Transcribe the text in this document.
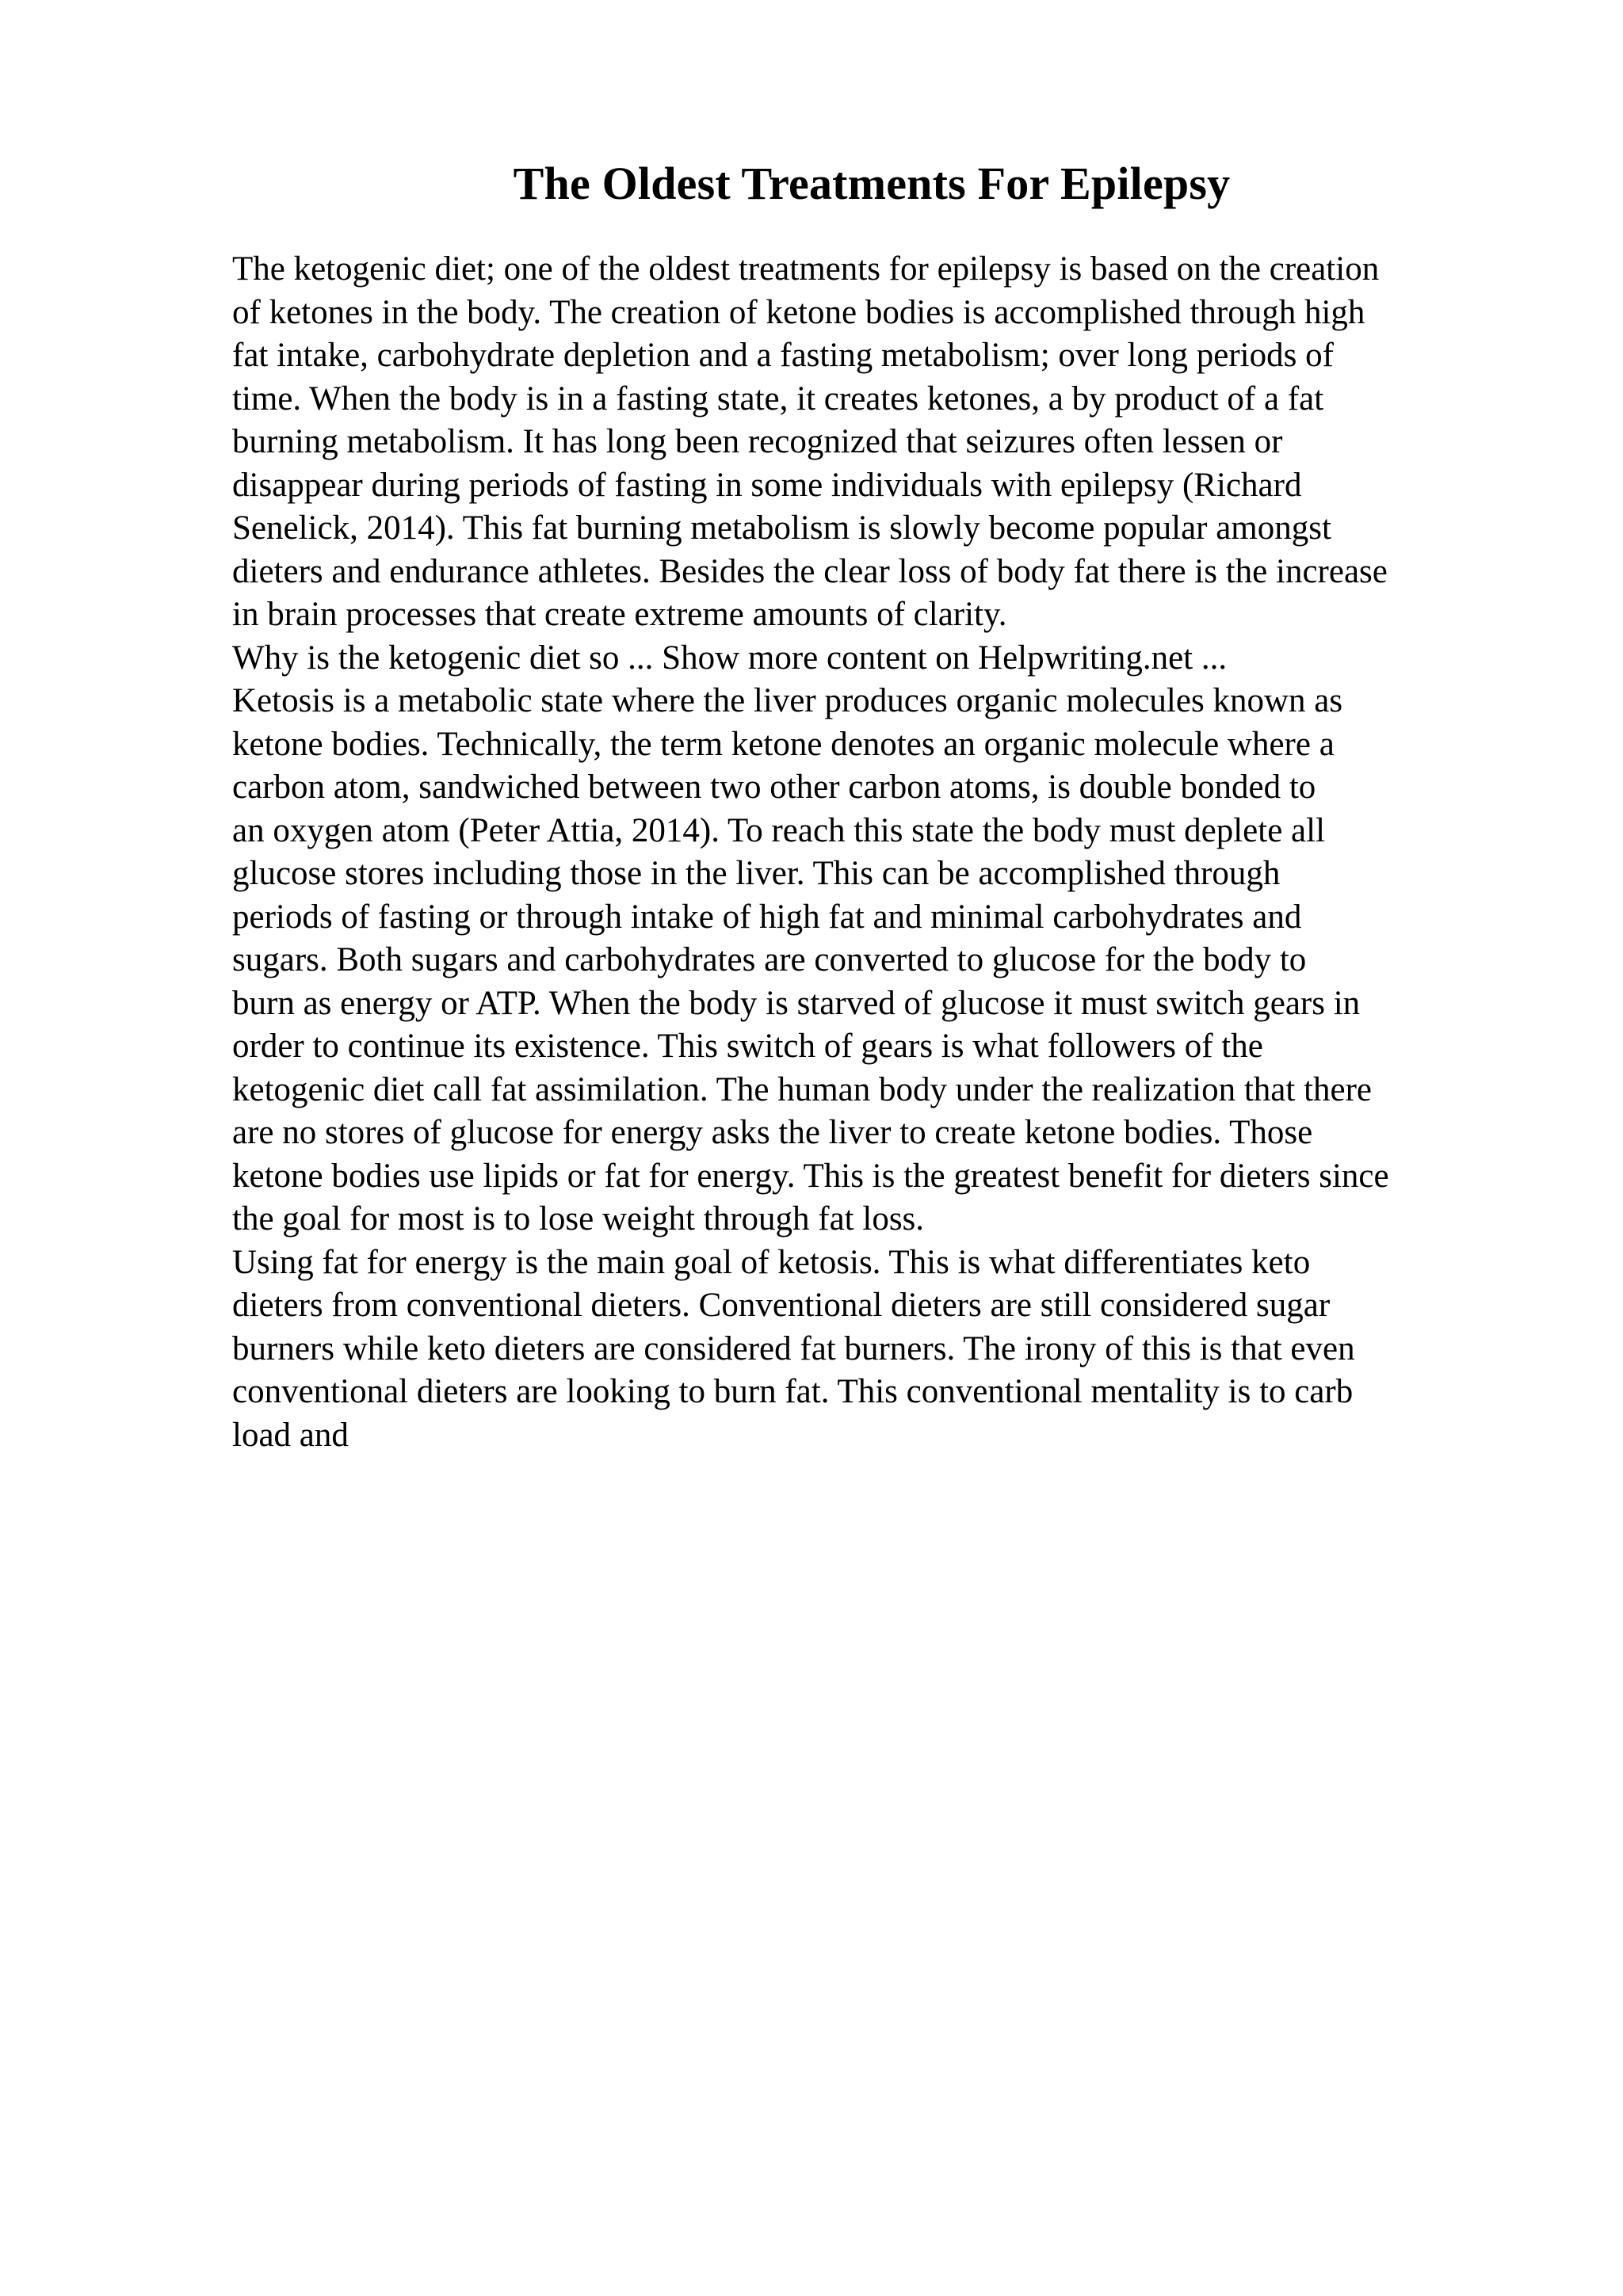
The Oldest Treatments For Epilepsy
The ketogenic diet; one of the oldest treatments for epilepsy is based on the creation
of ketones in the body. The creation of ketone bodies is accomplished through high
fat intake, carbohydrate depletion and a fasting metabolism; over long periods of
time. When the body is in a fasting state, it creates ketones, a by product of a fat
burning metabolism. It has long been recognized that seizures often lessen or
disappear during periods of fasting in some individuals with epilepsy (Richard
Senelick, 2014). This fat burning metabolism is slowly become popular amongst
dieters and endurance athletes. Besides the clear loss of body fat there is the increase
in brain processes that create extreme amounts of clarity.
Why is the ketogenic diet so ... Show more content on Helpwriting.net ...
Ketosis is a metabolic state where the liver produces organic molecules known as
ketone bodies. Technically, the term ketone denotes an organic molecule where a
carbon atom, sandwiched between two other carbon atoms, is double bonded to
an oxygen atom (Peter Attia, 2014). To reach this state the body must deplete all
glucose stores including those in the liver. This can be accomplished through
periods of fasting or through intake of high fat and minimal carbohydrates and
sugars. Both sugars and carbohydrates are converted to glucose for the body to
burn as energy or ATP. When the body is starved of glucose it must switch gears in
order to continue its existence. This switch of gears is what followers of the
ketogenic diet call fat assimilation. The human body under the realization that there
are no stores of glucose for energy asks the liver to create ketone bodies. Those
ketone bodies use lipids or fat for energy. This is the greatest benefit for dieters since
the goal for most is to lose weight through fat loss.
Using fat for energy is the main goal of ketosis. This is what differentiates keto
dieters from conventional dieters. Conventional dieters are still considered sugar
burners while keto dieters are considered fat burners. The irony of this is that even
conventional dieters are looking to burn fat. This conventional mentality is to carb
load and
